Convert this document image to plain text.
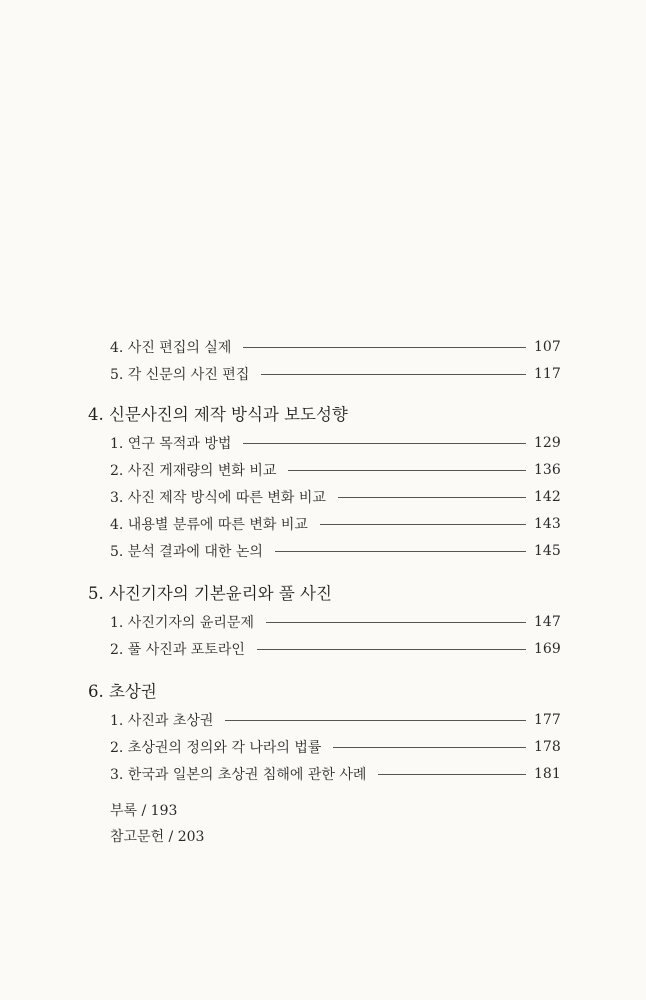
4. 사진 편집의 실제	107
5. 각 신문의 사진 편집	117
4. 신문사진의 제작 방식과 보도성향
1. 연구 목적과 방법	129
2. 사진 게재량의 변화 비교	136
3. 사진 제작 방식에 따른 변화 비교	142
4. 내용별 분류에 따른 변화 비교	143
5. 분석 결과에 대한 논의	145
5. 사진기자의 기본윤리와 풀 사진
1. 사진기자의 윤리문제	147
2. 풀 사진과 포토라인	169
6. 초상권
1. 사진과 초상권	177
2. 초상권의 정의와 각 나라의 법률	178
3. 한국과 일본의 초상권 침해에 관한 사례	181
부록 / 193
참고문헌 / 203
